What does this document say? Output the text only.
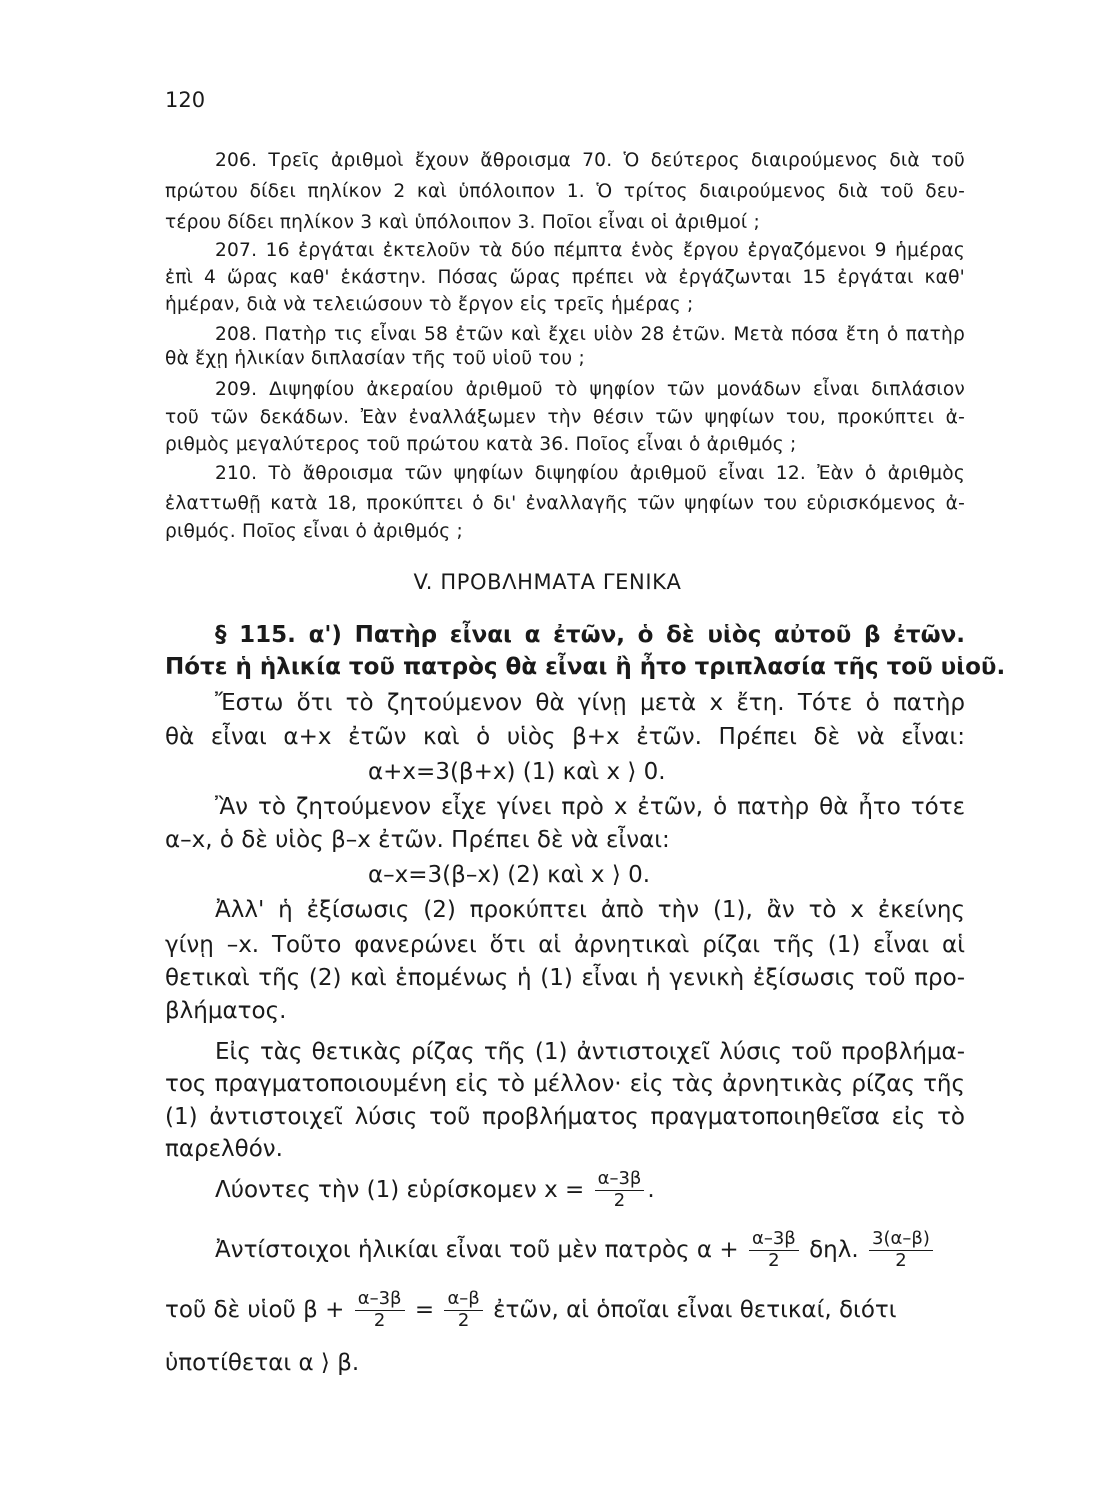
120
206. Τρεῖς ἀριθμοὶ ἔχουν ἄθροισμα 70. Ὁ δεύτερος διαιρούμενος διὰ τοῦ
πρώτου δίδει πηλίκον 2 καὶ ὑπόλοιπον 1. Ὁ τρίτος διαιρούμενος διὰ τοῦ δευ-
τέρου δίδει πηλίκον 3 καὶ ὑπόλοιπον 3. Ποῖοι εἶναι οἱ ἀριθμοί ;
207. 16 ἐργάται ἐκτελοῦν τὰ δύο πέμπτα ἑνὸς ἔργου ἐργαζόμενοι 9 ἡμέρας
ἐπὶ 4 ὥρας καθ' ἑκάστην. Πόσας ὥρας πρέπει νὰ ἐργάζωνται 15 ἐργάται καθ'
ἡμέραν, διὰ νὰ τελειώσουν τὸ ἔργον εἰς τρεῖς ἡμέρας ;
208. Πατὴρ τις εἶναι 58 ἐτῶν καὶ ἔχει υἱὸν 28 ἐτῶν. Μετὰ πόσα ἔτη ὁ πατὴρ
θὰ ἔχῃ ἡλικίαν διπλασίαν τῆς τοῦ υἱοῦ του ;
209. Διψηφίου ἀκεραίου ἀριθμοῦ τὸ ψηφίον τῶν μονάδων εἶναι διπλάσιον
τοῦ τῶν δεκάδων. Ἐὰν ἐναλλάξωμεν τὴν θέσιν τῶν ψηφίων του, προκύπτει ἀ-
ριθμὸς μεγαλύτερος τοῦ πρώτου κατὰ 36. Ποῖος εἶναι ὁ ἀριθμός ;
210. Τὸ ἄθροισμα τῶν ψηφίων διψηφίου ἀριθμοῦ εἶναι 12. Ἐὰν ὁ ἀριθμὸς
ἐλαττωθῇ κατὰ 18, προκύπτει ὁ δι' ἐναλλαγῆς τῶν ψηφίων του εὑρισκόμενος ἀ-
ριθμός. Ποῖος εἶναι ὁ ἀριθμός ;
V. ΠΡΟΒΛΗΜΑΤΑ ΓΕΝΙΚΑ
§ 115. α') Πατὴρ εἶναι α ἐτῶν, ὁ δὲ υἱὸς αὐτοῦ β ἐτῶν.
Πότε ἡ ἡλικία τοῦ πατρὸς θὰ εἶναι ἢ ἦτο τριπλασία τῆς τοῦ υἱοῦ.
Ἔστω ὅτι τὸ ζητούμενον θὰ γίνῃ μετὰ x ἔτη. Τότε ὁ πατὴρ
θὰ εἶναι α+x ἐτῶν καὶ ὁ υἱὸς β+x ἐτῶν. Πρέπει δὲ νὰ εἶναι:
α+x=3(β+x) (1) καὶ x ⟩ 0.
Ἂν τὸ ζητούμενον εἶχε γίνει πρὸ x ἐτῶν, ὁ πατὴρ θὰ ἦτο τότε
α–x, ὁ δὲ υἱὸς β–x ἐτῶν. Πρέπει δὲ νὰ εἶναι:
α–x=3(β–x) (2) καὶ x ⟩ 0.
Ἀλλ' ἡ ἐξίσωσις (2) προκύπτει ἀπὸ τὴν (1), ἂν τὸ x ἐκείνης
γίνῃ –x. Τοῦτο φανερώνει ὅτι αἱ ἀρνητικαὶ ρίζαι τῆς (1) εἶναι αἱ
θετικαὶ τῆς (2) καὶ ἑπομένως ἡ (1) εἶναι ἡ γενικὴ ἐξίσωσις τοῦ προ-
βλήματος.
Εἰς τὰς θετικὰς ρίζας τῆς (1) ἀντιστοιχεῖ λύσις τοῦ προβλήμα-
τος πραγματοποιουμένη εἰς τὸ μέλλον· εἰς τὰς ἀρνητικὰς ρίζας τῆς
(1) ἀντιστοιχεῖ λύσις τοῦ προβλήματος πραγματοποιηθεῖσα εἰς τὸ
παρελθόν.
Λύοντες τὴν (1) εὑρίσκομεν $x = \frac{\alpha-3\beta}{2}$ .
Ἀντίστοιχοι ἡλικίαι εἶναι τοῦ μὲν πατρὸς $\alpha + \frac{\alpha-3\beta}{2} \delta\eta\lambda$. $\frac{3(\alpha-\beta)}{2}$
τοῦ δὲ υἱοῦ $\beta + \frac{\alpha-3\beta}{2} = \frac{\alpha-\beta}{2}$ ἐτῶν, αἱ ὁποῖαι εἶναι θετικαί, διότι
ὑποτίθεται α ⟩ β.
